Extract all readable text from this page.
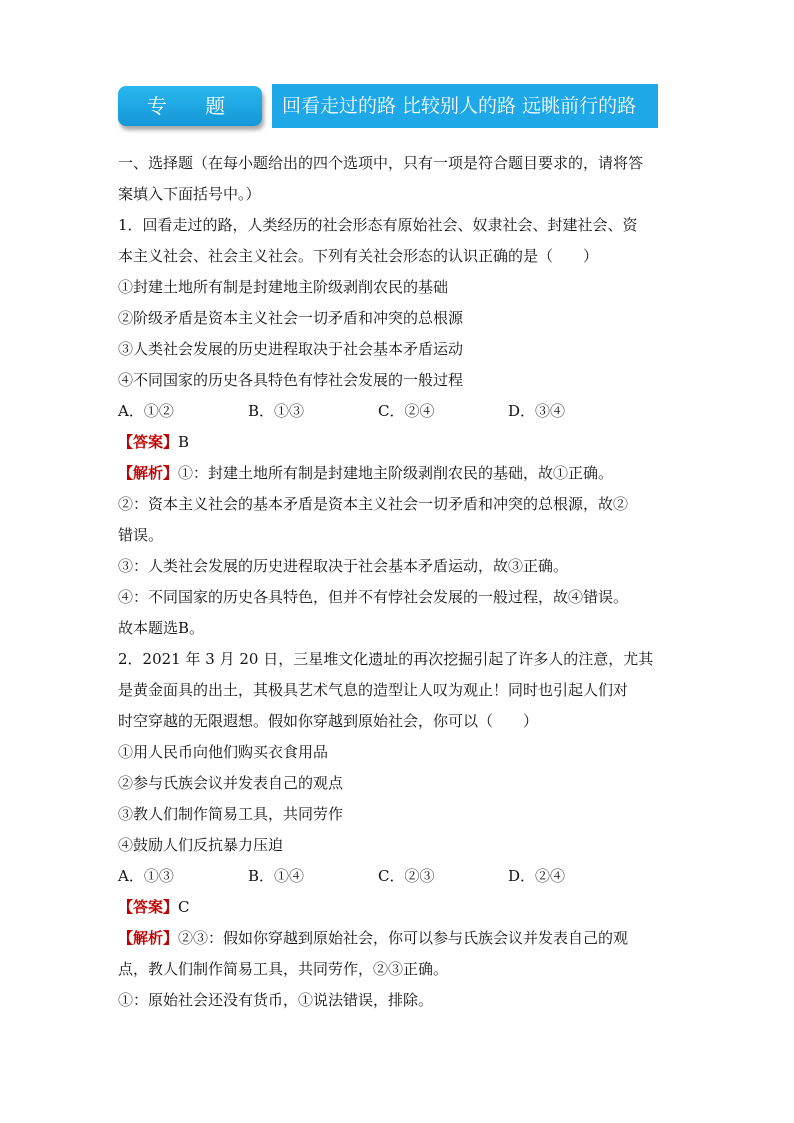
专 题 一
回看走过的路 比较别人的路 远眺前行的路
一、选择题（在每小题给出的四个选项中，只有一项是符合题目要求的，请将答
案填入下面括号中。）
1．回看走过的路，人类经历的社会形态有原始社会、奴隶社会、封建社会、资
本主义社会、社会主义社会。下列有关社会形态的认识正确的是（　　）
①封建土地所有制是封建地主阶级剥削农民的基础
②阶级矛盾是资本主义社会一切矛盾和冲突的总根源
③人类社会发展的历史进程取决于社会基本矛盾运动
④不同国家的历史各具特色有悖社会发展的一般过程
A．①②	B．①③	C．②④	D．③④
【答案】B
【解析】①：封建土地所有制是封建地主阶级剥削农民的基础，故①正确。
②：资本主义社会的基本矛盾是资本主义社会一切矛盾和冲突的总根源，故②
错误。
③：人类社会发展的历史进程取决于社会基本矛盾运动，故③正确。
④：不同国家的历史各具特色，但并不有悖社会发展的一般过程，故④错误。
故本题选B。
2．2021 年 3 月 20 日，三星堆文化遗址的再次挖掘引起了许多人的注意，尤其
是黄金面具的出土，其极具艺术气息的造型让人叹为观止！同时也引起人们对
时空穿越的无限遐想。假如你穿越到原始社会，你可以（　　）
①用人民币向他们购买衣食用品
②参与氏族会议并发表自己的观点
③教人们制作简易工具，共同劳作
④鼓励人们反抗暴力压迫
A．①③	B．①④	C．②③	D．②④
【答案】C
【解析】②③：假如你穿越到原始社会，你可以参与氏族会议并发表自己的观
点，教人们制作简易工具，共同劳作，②③正确。
①：原始社会还没有货币，①说法错误，排除。
